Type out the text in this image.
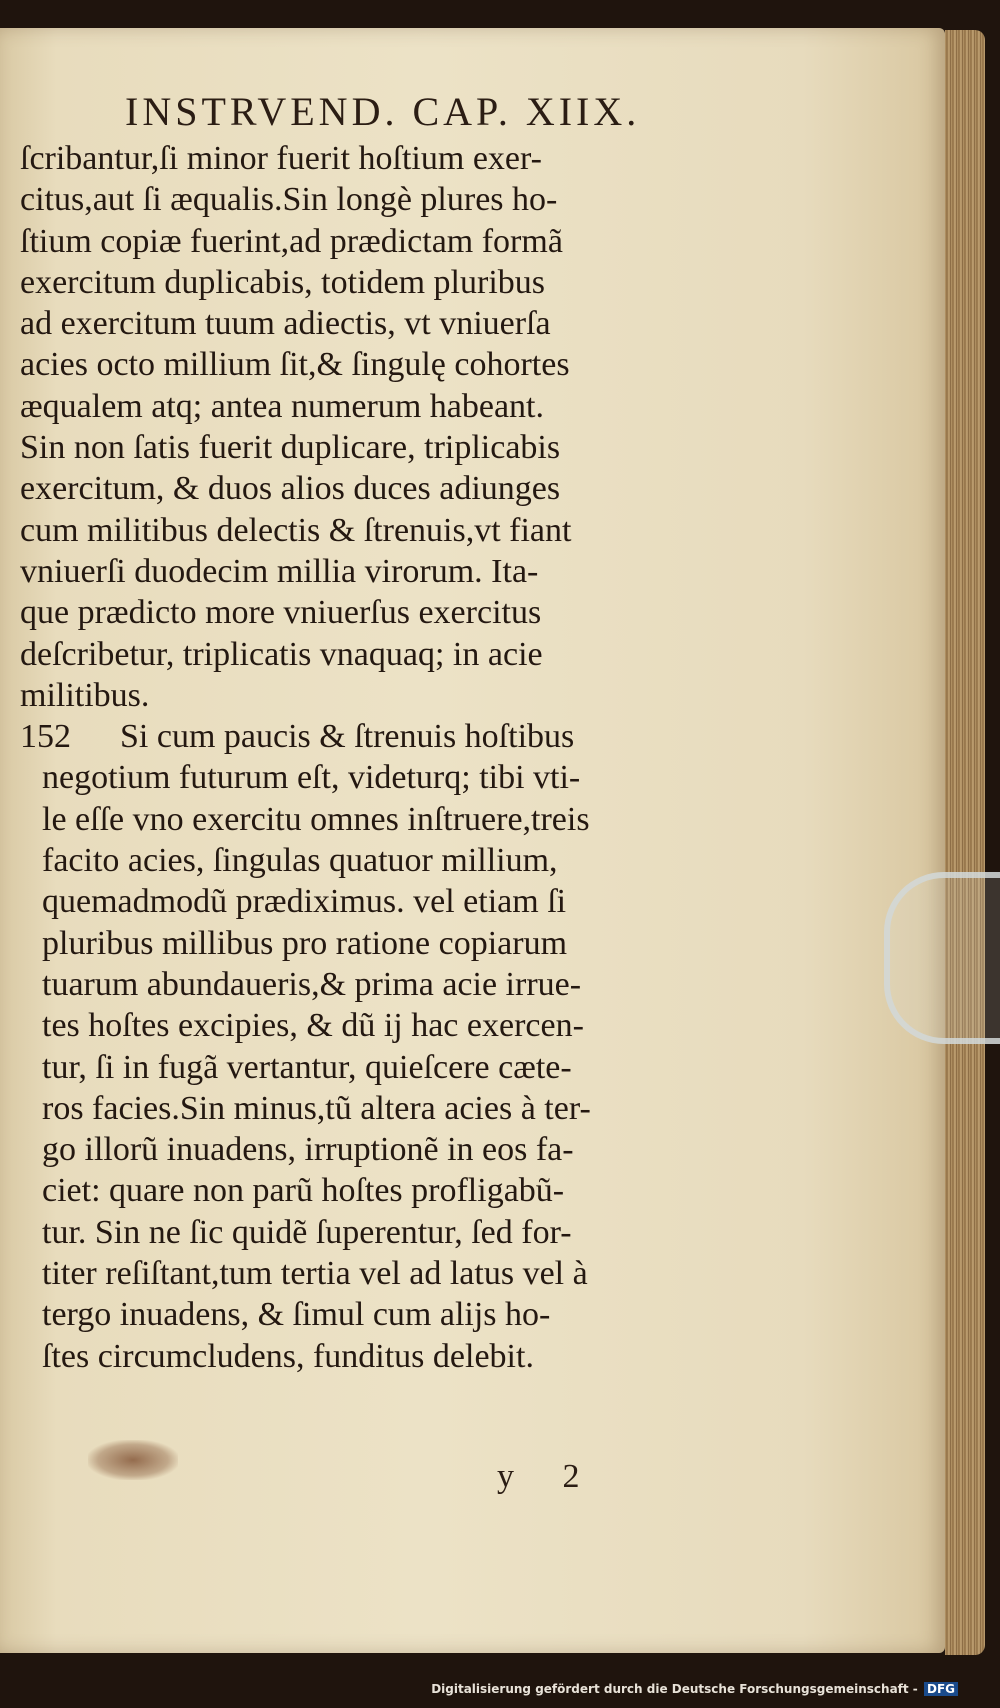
INSTRVEND. CAP. XIIX.
ſcribantur,ſi minor fuerit hoſtium exer-
citus,aut ſi æqualis.Sin longè plures ho-
ſtium copiæ fuerint,ad prædictam formã
exercitum duplicabis, totidem pluribus
ad exercitum tuum adiectis, vt vniuerſa
acies octo millium ſit,& ſingulę cohortes
æqualem atq; antea numerum habeant.
Sin non ſatis fuerit duplicare, triplicabis
exercitum, & duos alios duces adiunges
cum militibus delectis & ſtrenuis,vt fiant
vniuerſi duodecim millia virorum. Ita-
que prædicto more vniuerſus exercitus
deſcribetur, triplicatis vnaquaq; in acie
militibus.
152 Si cum paucis & ſtrenuis hoſtibus
negotium futurum eſt, videturq; tibi vti-
le eſſe vno exercitu omnes inſtruere,treis
facito acies, ſingulas quatuor millium,
quemadmodũ prædiximus. vel etiam ſi
pluribus millibus pro ratione copiarum
tuarum abundaueris,& prima acie irrue-
tes hoſtes excipies, & dũ ij hac exercen-
tur, ſi in fugã vertantur, quieſcere cæte-
ros facies.Sin minus,tũ altera acies à ter-
go illorũ inuadens, irruptionẽ in eos fa-
ciet: quare non parũ hoſtes profligabũ-
tur. Sin ne ſic quidẽ ſuperentur, ſed for-
titer reſiſtant,tum tertia vel ad latus vel à
tergo inuadens, & ſimul cum alijs ho-
ſtes circumcludens, funditus delebit.

y 2

Digitalisierung gefördert durch die Deutsche Forschungsgemeinschaft - DFG
